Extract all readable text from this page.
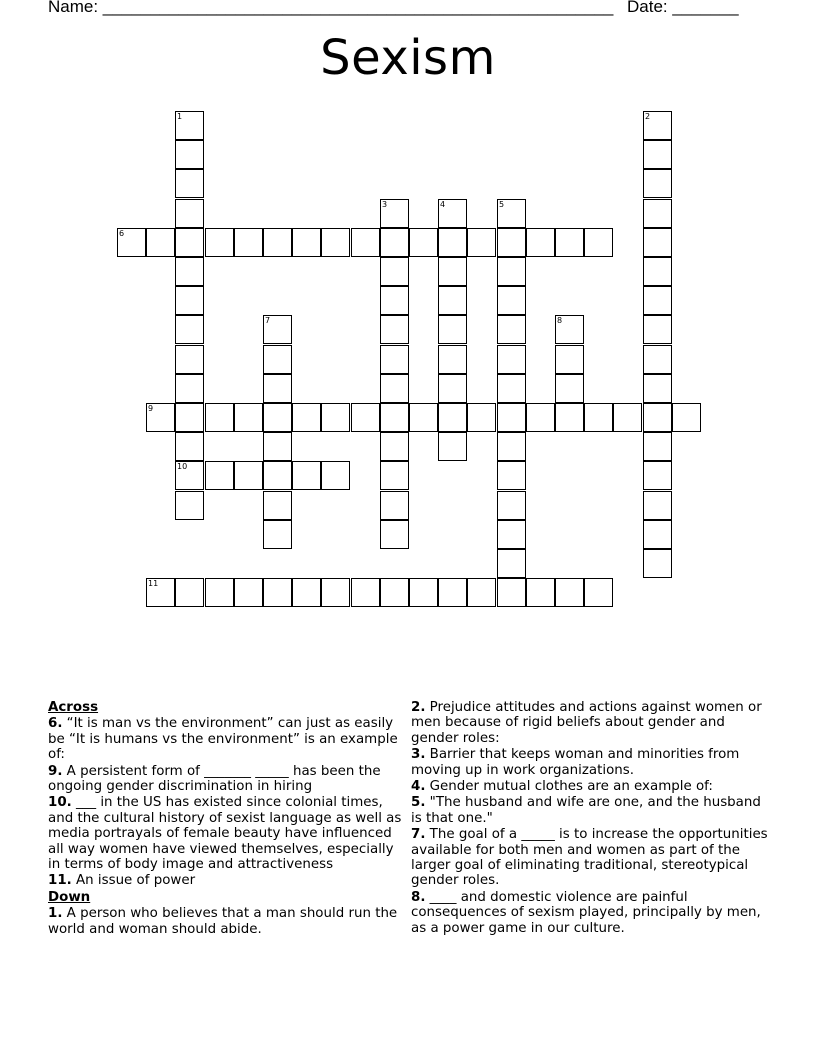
Name: ______________________________________________________ Date: _______
Sexism
1
10
2
3	4	5
6
7	8
9
11
Across
6. “It is man vs the environment” can just as easily be “It is humans vs the environment” is an example of:
9. A persistent form of _______ _____ has been the ongoing gender discrimination in hiring
10. ___ in the US has existed since colonial times, and the cultural history of sexist language as well as media portrayals of female beauty have influenced all way women have viewed themselves, especially in terms of body image and attractiveness
11. An issue of power
Down
1. A person who believes that a man should run the world and woman should abide.
2. Prejudice attitudes and actions against women or men because of rigid beliefs about gender and gender roles:
3. Barrier that keeps woman and minorities from moving up in work organizations.
4. Gender mutual clothes are an example of:
5. "The husband and wife are one, and the husband is that one."
7. The goal of a _____ is to increase the opportunities available for both men and women as part of the larger goal of eliminating traditional, stereotypical gender roles.
8. ____ and domestic violence are painful consequences of sexism played, principally by men, as a power game in our culture.
